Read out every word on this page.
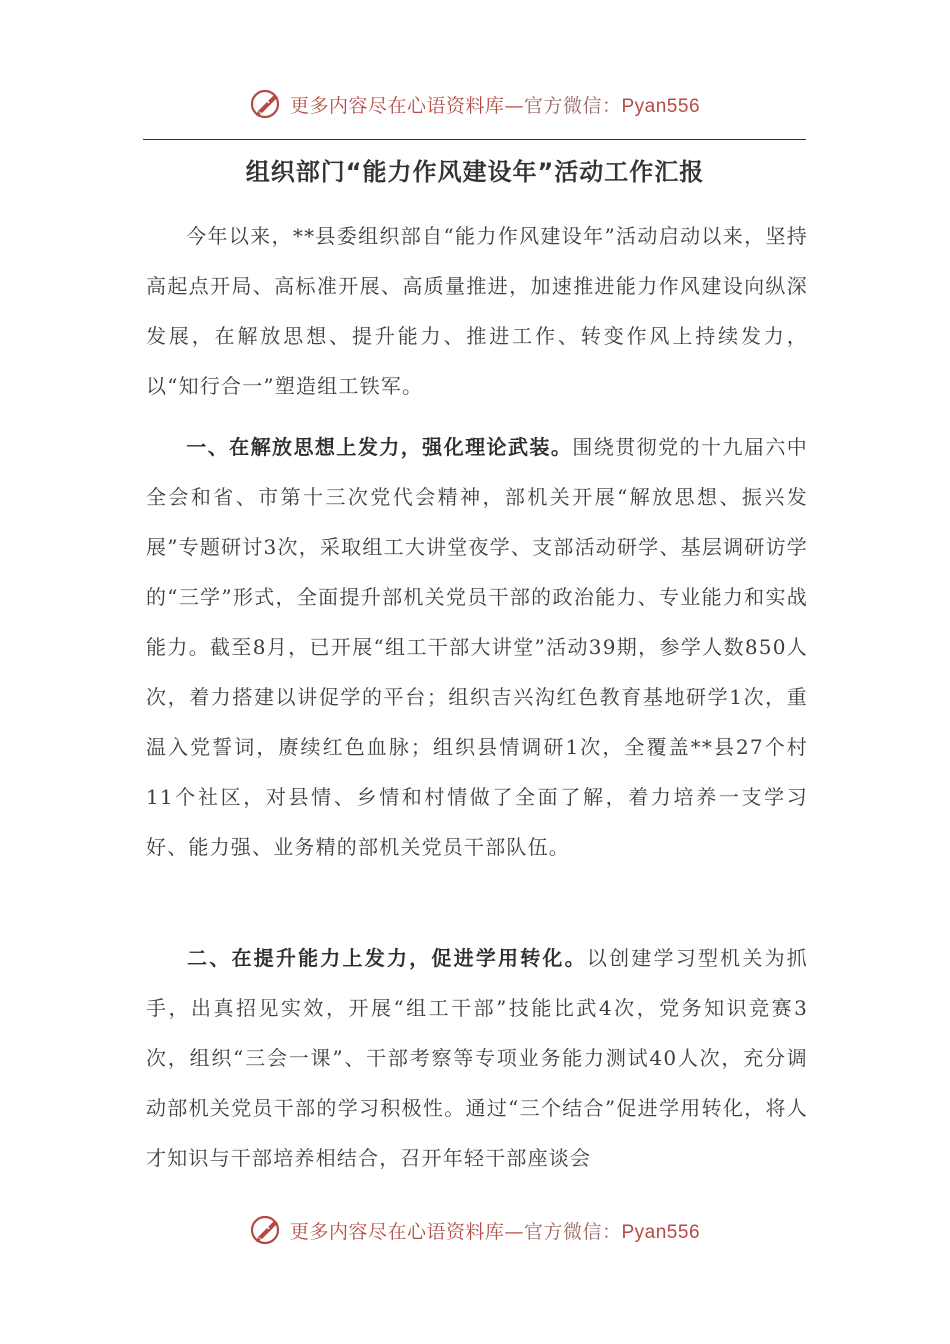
更多内容尽在心语资料库—官方微信：Pyan556
组织部门“能力作风建设年”活动工作汇报
今年以来，**县委组织部自“能力作风建设年”活动启动以来，坚持高起点开局、高标准开展、高质量推进，加速推进能力作风建设向纵深发展，在解放思想、提升能力、推进工作、转变作风上持续发力，以“知行合一”塑造组工铁军。
一、在解放思想上发力，强化理论武装。围绕贯彻党的十九届六中全会和省、市第十三次党代会精神，部机关开展“解放思想、振兴发展”专题研讨3次，采取组工大讲堂夜学、支部活动研学、基层调研访学的“三学”形式，全面提升部机关党员干部的政治能力、专业能力和实战能力。截至8月，已开展“组工干部大讲堂”活动39期，参学人数850人次，着力搭建以讲促学的平台；组织吉兴沟红色教育基地研学1次，重温入党誓词，赓续红色血脉；组织县情调研1次，全覆盖**县27个村11个社区，对县情、乡情和村情做了全面了解，着力培养一支学习好、能力强、业务精的部机关党员干部队伍。
二、在提升能力上发力，促进学用转化。以创建学习型机关为抓手，出真招见实效，开展“组工干部”技能比武4次，党务知识竞赛3次，组织“三会一课”、干部考察等专项业务能力测试40人次，充分调动部机关党员干部的学习积极性。通过“三个结合”促进学用转化，将人才知识与干部培养相结合，召开年轻干部座谈会
更多内容尽在心语资料库—官方微信：Pyan556
